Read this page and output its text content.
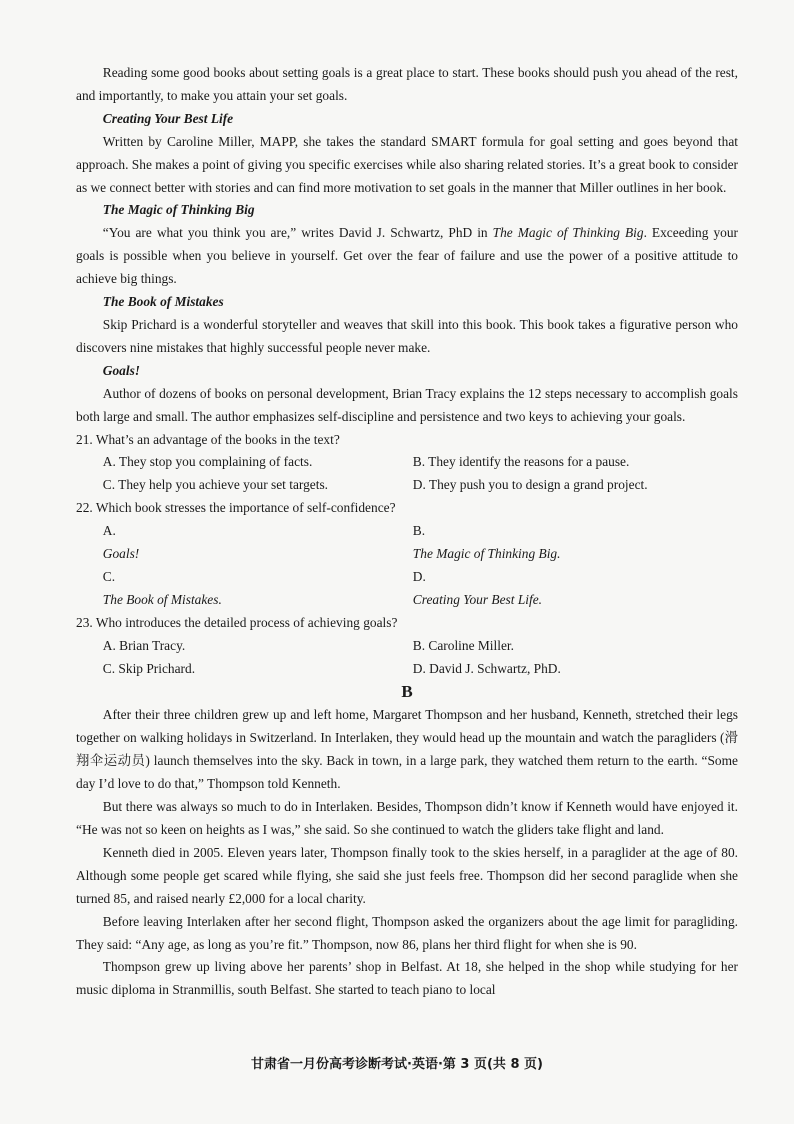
Reading some good books about setting goals is a great place to start. These books should push you ahead of the rest, and importantly, to make you attain your set goals.

Creating Your Best Life

Written by Caroline Miller, MAPP, she takes the standard SMART formula for goal setting and goes beyond that approach. She makes a point of giving you specific exercises while also sharing related stories. It’s a great book to consider as we connect better with stories and can find more motivation to set goals in the manner that Miller outlines in her book.

The Magic of Thinking Big

“You are what you think you are,” writes David J. Schwartz, PhD in The Magic of Thinking Big. Exceeding your goals is possible when you believe in yourself. Get over the fear of failure and use the power of a positive attitude to achieve big things.

The Book of Mistakes

Skip Prichard is a wonderful storyteller and weaves that skill into this book. This book takes a figurative person who discovers nine mistakes that highly successful people never make.

Goals!

Author of dozens of books on personal development, Brian Tracy explains the 12 steps necessary to accomplish goals both large and small. The author emphasizes self-discipline and persistence and two keys to achieving your goals.

21. What’s an advantage of the books in the text?

A. They stop you complaining of facts.	B. They identify the reasons for a pause.
C. They help you achieve your set targets.	D. They push you to design a grand project.

22. Which book stresses the importance of self-confidence?

A.
Goals!
B.
The Magic of Thinking Big.
C.
The Book of Mistakes.
D.
Creating Your Best Life.

23. Who introduces the detailed process of achieving goals?

A. Brian Tracy.	B. Caroline Miller.
C. Skip Prichard.	D. David J. Schwartz, PhD.

B

After their three children grew up and left home, Margaret Thompson and her husband, Kenneth, stretched their legs together on walking holidays in Switzerland. In Interlaken, they would head up the mountain and watch the paragliders (滑翔伞运动员) launch themselves into the sky. Back in town, in a large park, they watched them return to the earth. “Some day I’d love to do that,” Thompson told Kenneth.

But there was always so much to do in Interlaken. Besides, Thompson didn’t know if Kenneth would have enjoyed it. “He was not so keen on heights as I was,” she said. So she continued to watch the gliders take flight and land.

Kenneth died in 2005. Eleven years later, Thompson finally took to the skies herself, in a paraglider at the age of 80. Although some people get scared while flying, she said she just feels free. Thompson did her second paraglide when she turned 85, and raised nearly £2,000 for a local charity.

Before leaving Interlaken after her second flight, Thompson asked the organizers about the age limit for paragliding. They said: “Any age, as long as you’re fit.” Thompson, now 86, plans her third flight for when she is 90.

Thompson grew up living above her parents’ shop in Belfast. At 18, she helped in the shop while studying for her music diploma in Stranmillis, south Belfast. She started to teach piano to local

甘肃省一月份高考诊断考试·英语·第 3 页(共 8 页)
